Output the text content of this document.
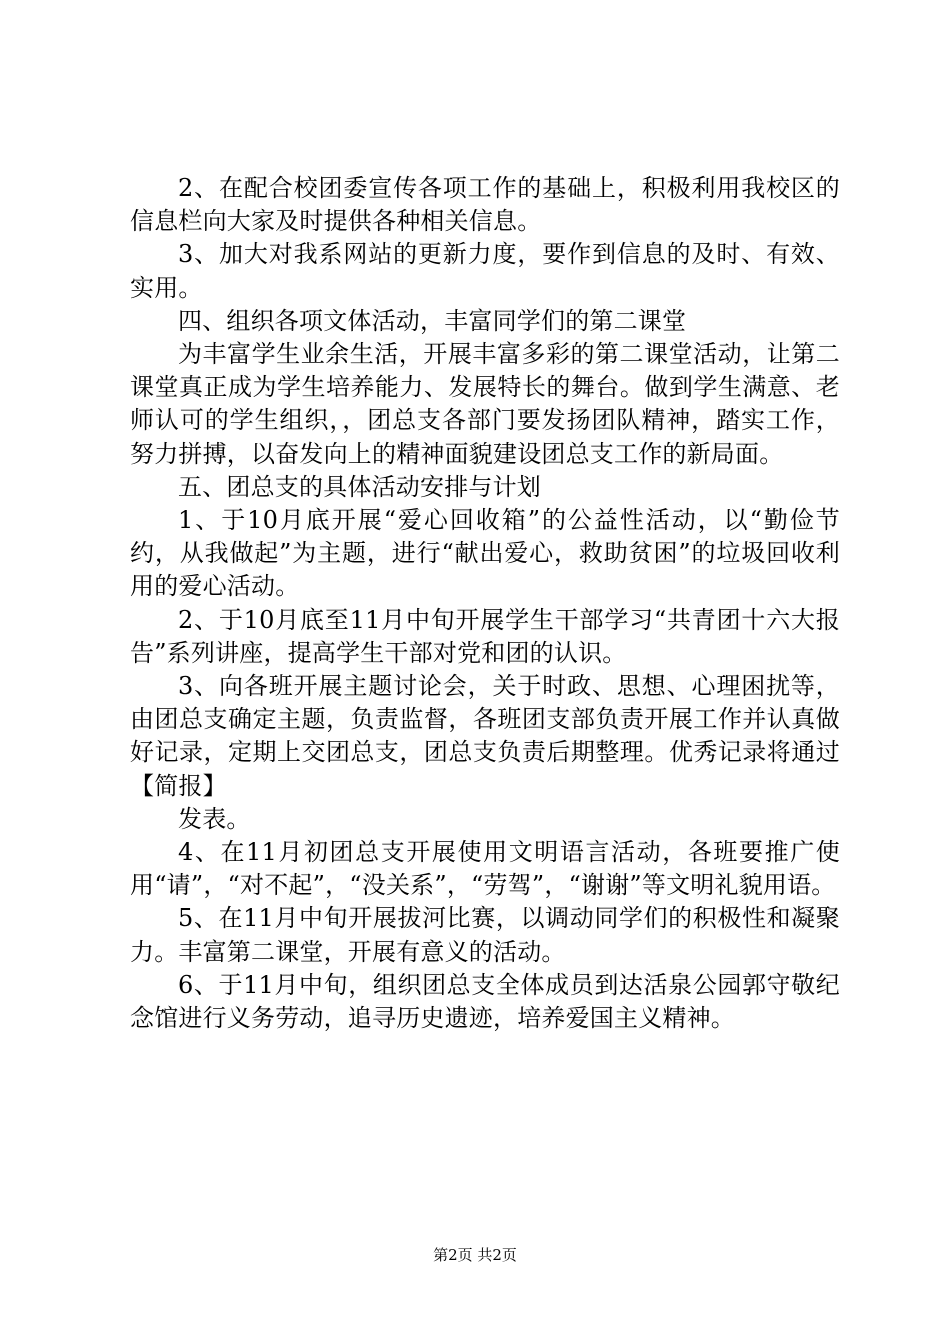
2、在配合校团委宣传各项工作的基础上，积极利用我校区的信息栏向大家及时提供各种相关信息。

3、加大对我系网站的更新力度，要作到信息的及时、有效、实用。

四、组织各项文体活动，丰富同学们的第二课堂

为丰富学生业余生活，开展丰富多彩的第二课堂活动，让第二课堂真正成为学生培养能力、发展特长的舞台。做到学生满意、老师认可的学生组织，，团总支各部门要发扬团队精神，踏实工作，努力拼搏，以奋发向上的精神面貌建设团总支工作的新局面。

五、团总支的具体活动安排与计划

1、于10月底开展“爱心回收箱”的公益性活动，以“勤俭节约，从我做起”为主题，进行“献出爱心，救助贫困”的垃圾回收利用的爱心活动。

2、于10月底至11月中旬开展学生干部学习“共青团十六大报告”系列讲座，提高学生干部对党和团的认识。

3、向各班开展主题讨论会，关于时政、思想、心理困扰等，由团总支确定主题，负责监督，各班团支部负责开展工作并认真做好记录，定期上交团总支，团总支负责后期整理。优秀记录将通过【简报】

发表。

4、在11月初团总支开展使用文明语言活动，各班要推广使用“请”，“对不起”，“没关系”，“劳驾”，“谢谢”等文明礼貌用语。

5、在11月中旬开展拔河比赛，以调动同学们的积极性和凝聚力。丰富第二课堂，开展有意义的活动。

6、于11月中旬，组织团总支全体成员到达活泉公园郭守敬纪念馆进行义务劳动，追寻历史遗迹，培养爱国主义精神。

第2页 共2页
